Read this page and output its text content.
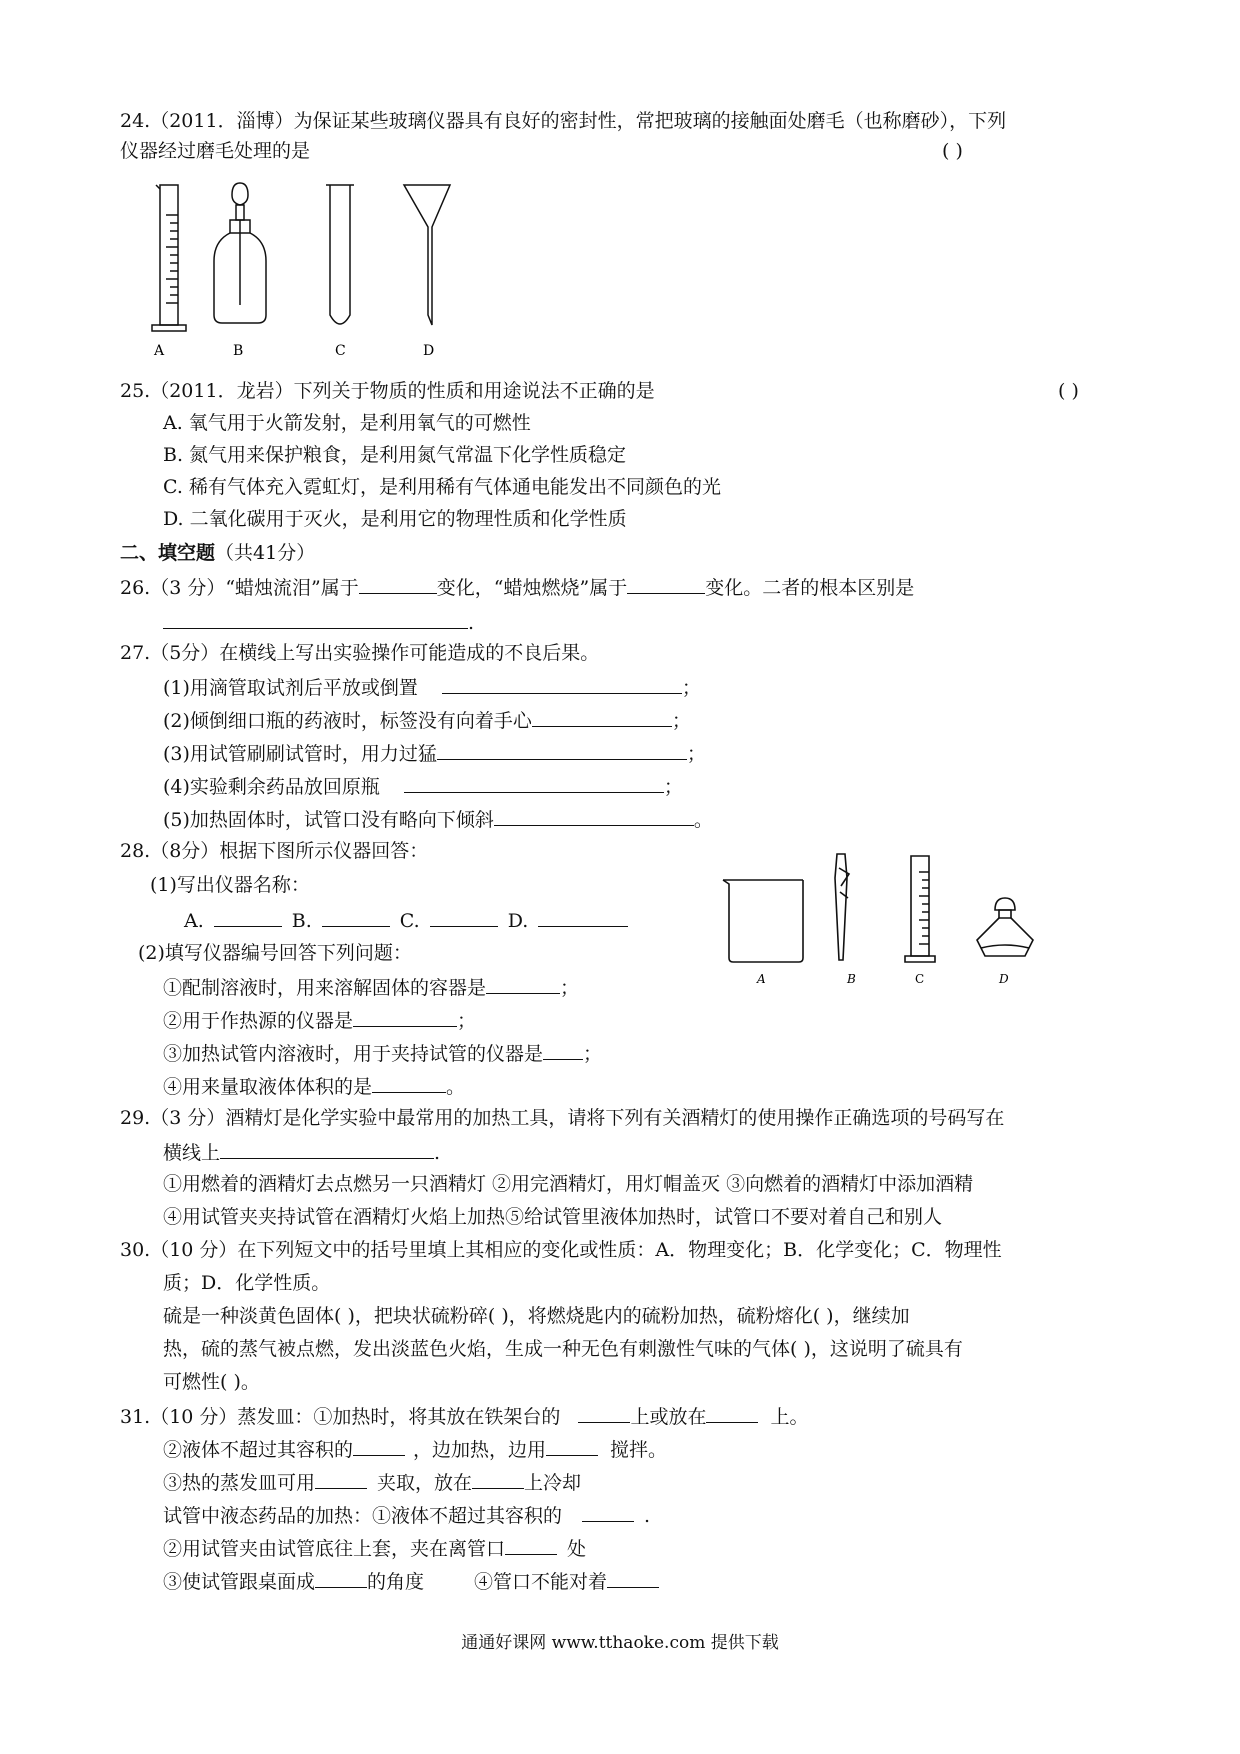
24.（2011．淄博）为保证某些玻璃仪器具有良好的密封性，常把玻璃的接触面处磨毛（也称磨砂），下列
仪器经过磨毛处理的是	( )
A	B	C	D
25.（2011．龙岩）下列关于物质的性质和用途说法不正确的是	( )
A. 氧气用于火箭发射，是利用氧气的可燃性
B. 氮气用来保护粮食，是利用氮气常温下化学性质稳定
C. 稀有气体充入霓虹灯，是利用稀有气体通电能发出不同颜色的光
D. 二氧化碳用于灭火，是利用它的物理性质和化学性质
二、填空题（共41分）
26.（3 分）“蜡烛流泪”属于	变化，“蜡烛燃烧”属于	变化。二者的根本区别是
.
27.（5分）在横线上写出实验操作可能造成的不良后果。
(1)用滴管取试剂后平放或倒置	；
(2)倾倒细口瓶的药液时，标签没有向着手心	；
(3)用试管刷刷试管时，用力过猛	；
(4)实验剩余药品放回原瓶	；
(5)加热固体时，试管口没有略向下倾斜	。
28.（8分）根据下图所示仪器回答：
(1)写出仪器名称：
A.	B.	C.	D.
(2)填写仪器编号回答下列问题：
①配制溶液时，用来溶解固体的容器是	；
②用于作热源的仪器是	；
③加热试管内溶液时，用于夹持试管的仪器是 ；
④用来量取液体体积的是	。
A	B	C	D
29.（3 分）酒精灯是化学实验中最常用的加热工具，请将下列有关酒精灯的使用操作正确选项的号码写在
横线上	.
①用燃着的酒精灯去点燃另一只酒精灯 ②用完酒精灯，用灯帽盖灭 ③向燃着的酒精灯中添加酒精
④用试管夹夹持试管在酒精灯火焰上加热⑤给试管里液体加热时，试管口不要对着自己和别人
30.（10 分）在下列短文中的括号里填上其相应的变化或性质：A．物理变化；B．化学变化；C．物理性
质；D．化学性质。
硫是一种淡黄色固体( )，把块状硫粉碎( )，将燃烧匙内的硫粉加热，硫粉熔化( )，继续加
热，硫的蒸气被点燃，发出淡蓝色火焰，生成一种无色有刺激性气味的气体( )，这说明了硫具有
可燃性( )。
31.（10 分）蒸发皿：①加热时，将其放在铁架台的	上或放在	上。
②液体不超过其容积的	，边加热，边用	搅拌。
③热的蒸发皿可用	夹取，放在	上冷却
试管中液态药品的加热：①液体不超过其容积的	.
②用试管夹由试管底往上套，夹在离管口	处
③使试管跟桌面成	的角度	④管口不能对着
通通好课网 www.tthaoke.com 提供下载
